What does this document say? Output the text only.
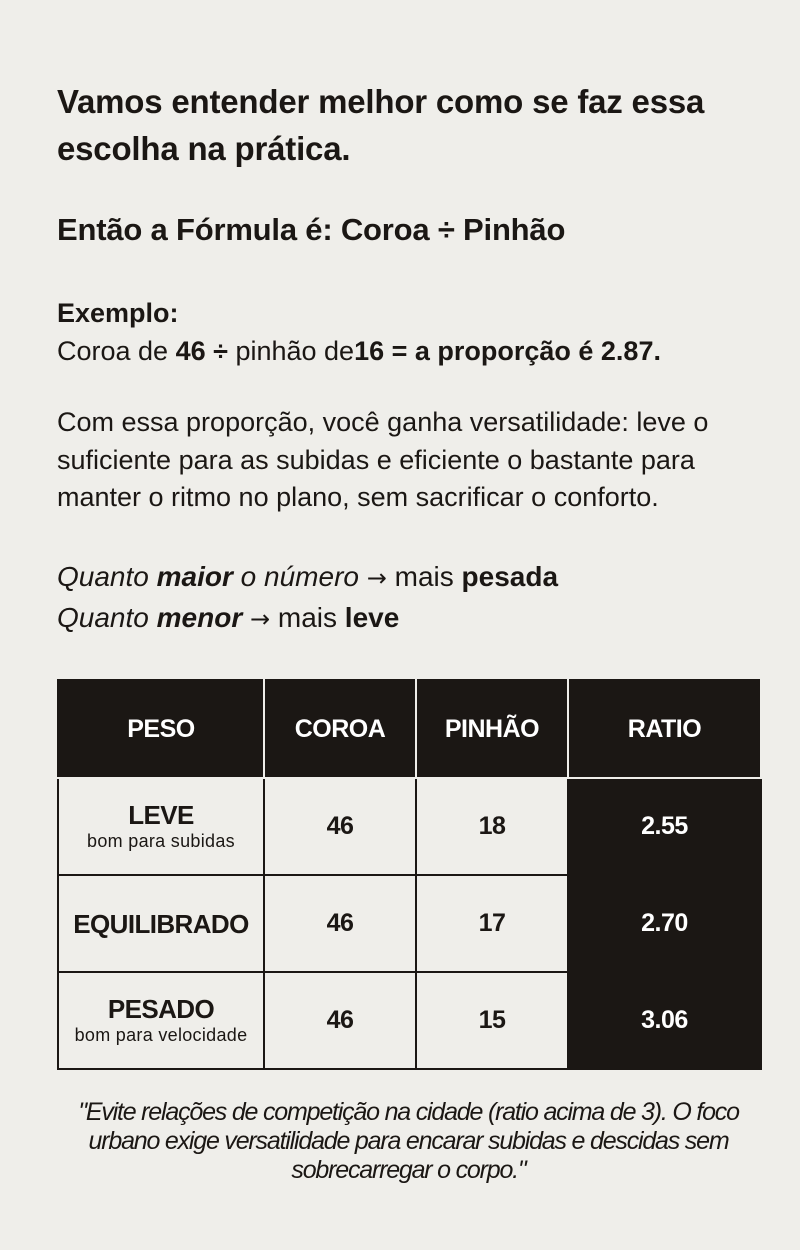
Vamos entender melhor como se faz essa escolha na prática.
Então a Fórmula é: Coroa ÷ Pinhão
Exemplo:
Coroa de 46 ÷ pinhão de16 = a proporção é 2.87.
Com essa proporção, você ganha versatilidade: leve o suficiente para as subidas e eficiente o bastante para manter o ritmo no plano, sem sacrificar o conforto.
Quanto maior o número → mais pesada
Quanto menor → mais leve
PESO	COROA	PINHÃO	RATIO

LEVE
bom para subidas	46	18	2.55

EQUILIBRADO	46	17	2.70

PESADO
bom para velocidade	46	15	3.06

"Evite relações de competição na cidade (ratio acima de 3). O foco urbano exige versatilidade para encarar subidas e descidas sem sobrecarregar o corpo."
